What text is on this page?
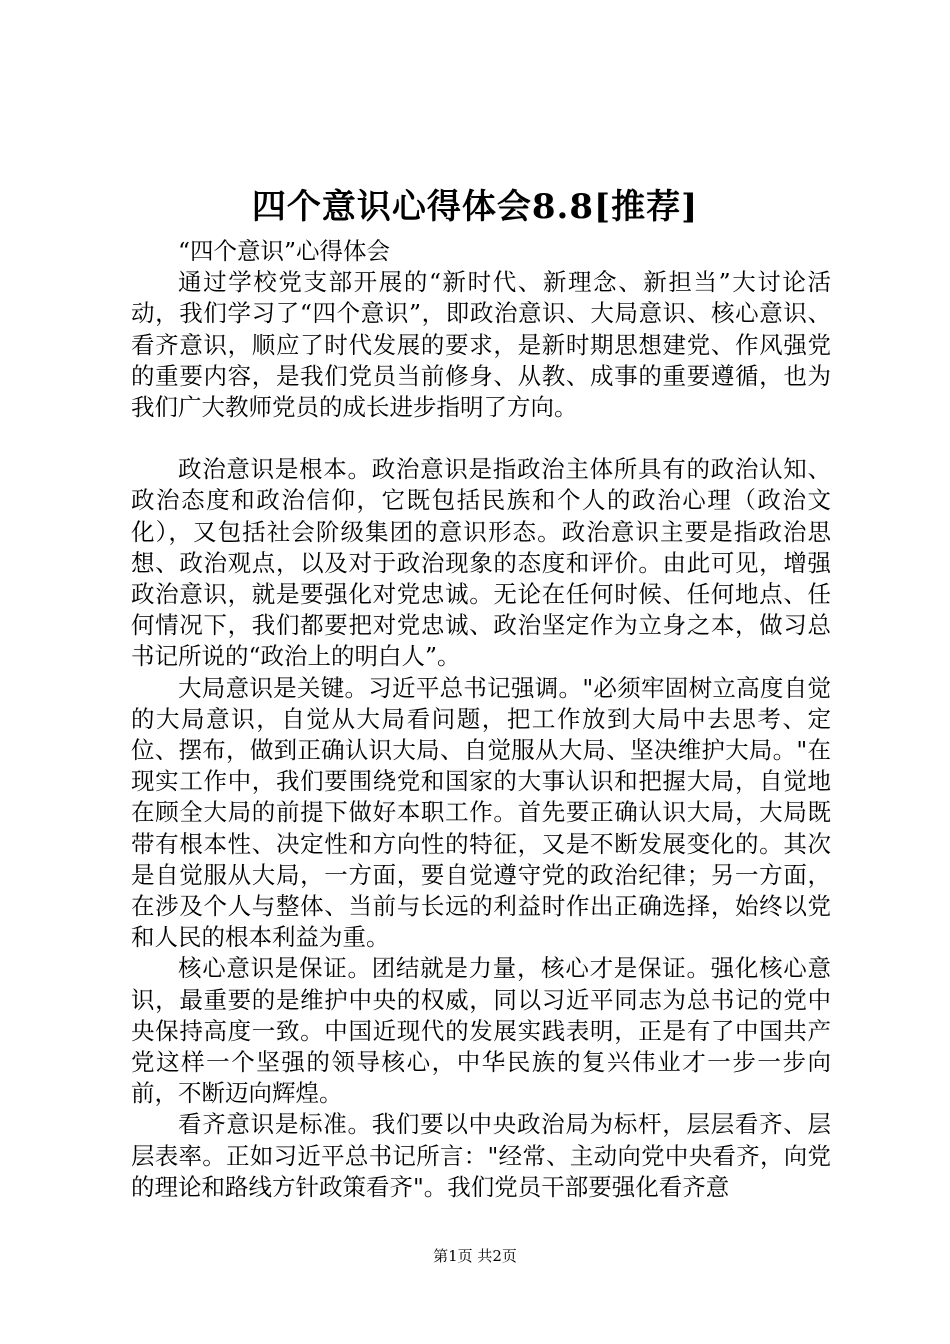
四个意识心得体会8.8[推荐]

“四个意识”心得体会

通过学校党支部开展的“新时代、新理念、新担当”大讨论活动，我们学习了“四个意识”，即政治意识、大局意识、核心意识、看齐意识，顺应了时代发展的要求，是新时期思想建党、作风强党的重要内容，是我们党员当前修身、从教、成事的重要遵循，也为我们广大教师党员的成长进步指明了方向。

政治意识是根本。政治意识是指政治主体所具有的政治认知、政治态度和政治信仰，它既包括民族和个人的政治心理（政治文化），又包括社会阶级集团的意识形态。政治意识主要是指政治思想、政治观点，以及对于政治现象的态度和评价。由此可见，增强政治意识，就是要强化对党忠诚。无论在任何时候、任何地点、任何情况下，我们都要把对党忠诚、政治坚定作为立身之本，做习总书记所说的“政治上的明白人”。

大局意识是关键。习近平总书记强调。"必须牢固树立高度自觉的大局意识，自觉从大局看问题，把工作放到大局中去思考、定位、摆布，做到正确认识大局、自觉服从大局、坚决维护大局。"在现实工作中，我们要围绕党和国家的大事认识和把握大局，自觉地在顾全大局的前提下做好本职工作。首先要正确认识大局，大局既带有根本性、决定性和方向性的特征，又是不断发展变化的。其次是自觉服从大局，一方面，要自觉遵守党的政治纪律；另一方面，在涉及个人与整体、当前与长远的利益时作出正确选择，始终以党和人民的根本利益为重。

核心意识是保证。团结就是力量，核心才是保证。强化核心意识，最重要的是维护中央的权威，同以习近平同志为总书记的党中央保持高度一致。中国近现代的发展实践表明，正是有了中国共产党这样一个坚强的领导核心，中华民族的复兴伟业才一步一步向前，不断迈向辉煌。

看齐意识是标准。我们要以中央政治局为标杆，层层看齐、层层表率。正如习近平总书记所言："经常、主动向党中央看齐，向党的理论和路线方针政策看齐"。我们党员干部要强化看齐意

第1页 共2页
